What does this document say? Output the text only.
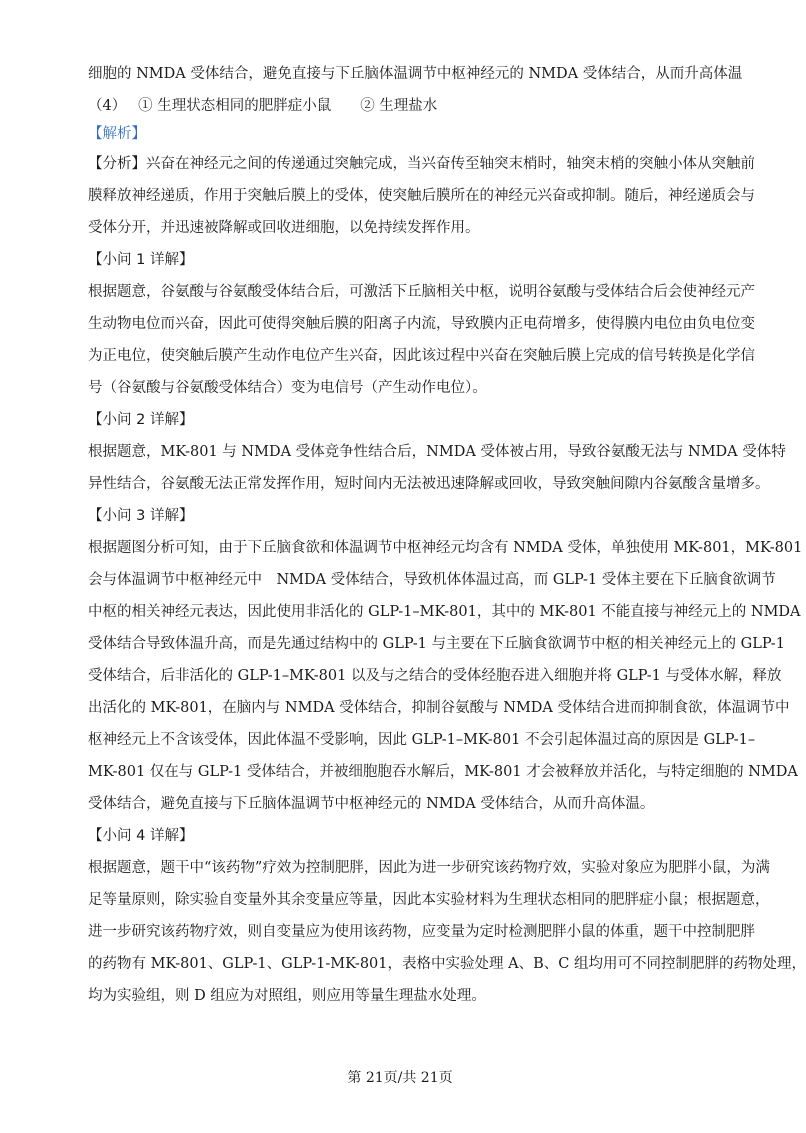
细胞的 NMDA 受体结合，避免直接与下丘脑体温调节中枢神经元的 NMDA 受体结合，从而升高体温
（4）　 ① 生理状态相同的肥胖症小鼠　　② 生理盐水
【解析】
【分析】兴奋在神经元之间的传递通过突触完成，当兴奋传至轴突末梢时，轴突末梢的突触小体从突触前
膜释放神经递质，作用于突触后膜上的受体，使突触后膜所在的神经元兴奋或抑制。随后，神经递质会与
受体分开，并迅速被降解或回收进细胞，以免持续发挥作用。
【小问 1 详解】
根据题意，谷氨酸与谷氨酸受体结合后，可激活下丘脑相关中枢，说明谷氨酸与受体结合后会使神经元产
生动物电位而兴奋，因此可使得突触后膜的阳离子内流，导致膜内正电荷增多，使得膜内电位由负电位变
为正电位，使突触后膜产生动作电位产生兴奋，因此该过程中兴奋在突触后膜上完成的信号转换是化学信
号（谷氨酸与谷氨酸受体结合）变为电信号（产生动作电位）。
【小问 2 详解】
根据题意，MK-801 与 NMDA 受体竞争性结合后，NMDA 受体被占用，导致谷氨酸无法与 NMDA 受体特
异性结合，谷氨酸无法正常发挥作用，短时间内无法被迅速降解或回收，导致突触间隙内谷氨酸含量增多。
【小问 3 详解】
根据题图分析可知，由于下丘脑食欲和体温调节中枢神经元均含有 NMDA 受体，单独使用 MK-801，MK-801
会与体温调节中枢神经元中　NMDA 受体结合，导致机体体温过高，而 GLP-1 受体主要在下丘脑食欲调节
中枢的相关神经元表达，因此使用非活化的 GLP-1–MK-801，其中的 MK-801 不能直接与神经元上的 NMDA
受体结合导致体温升高，而是先通过结构中的 GLP-1 与主要在下丘脑食欲调节中枢的相关神经元上的 GLP-1
受体结合，后非活化的 GLP-1–MK-801 以及与之结合的受体经胞吞进入细胞并将 GLP-1 与受体水解，释放
出活化的 MK-801，在脑内与 NMDA 受体结合，抑制谷氨酸与 NMDA 受体结合进而抑制食欲，体温调节中
枢神经元上不含该受体，因此体温不受影响，因此 GLP-1–MK-801 不会引起体温过高的原因是 GLP-1–
MK-801 仅在与 GLP-1 受体结合，并被细胞胞吞水解后，MK-801 才会被释放并活化，与特定细胞的 NMDA
受体结合，避免直接与下丘脑体温调节中枢神经元的 NMDA 受体结合，从而升高体温。
【小问 4 详解】
根据题意，题干中“该药物”疗效为控制肥胖，因此为进一步研究该药物疗效，实验对象应为肥胖小鼠，为满
足等量原则，除实验自变量外其余变量应等量，因此本实验材料为生理状态相同的肥胖症小鼠；根据题意，
进一步研究该药物疗效，则自变量应为使用该药物，应变量为定时检测肥胖小鼠的体重，题干中控制肥胖
的药物有 MK-801、GLP-1、GLP-1-MK-801，表格中实验处理 A、B、C 组均用可不同控制肥胖的药物处理，
均为实验组，则 D 组应为对照组，则应用等量生理盐水处理。
第 21页/共 21页
